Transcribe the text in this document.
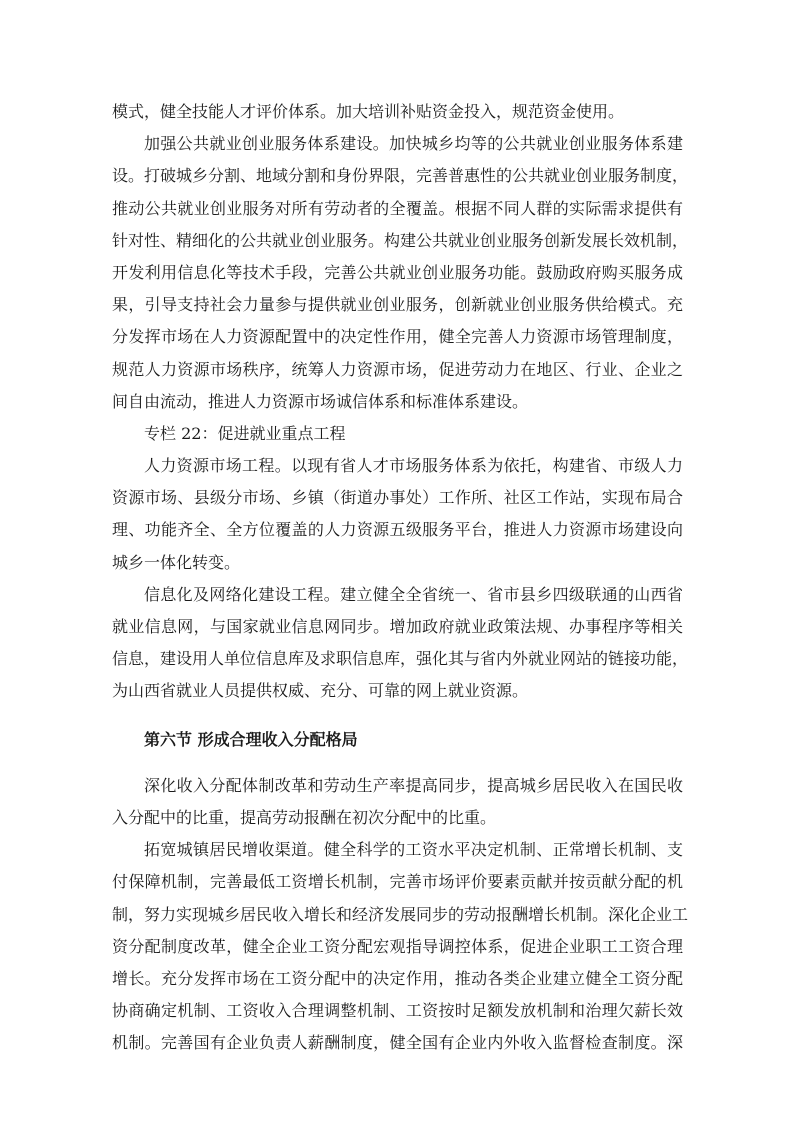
模式，健全技能人才评价体系。加大培训补贴资金投入，规范资金使用。
加强公共就业创业服务体系建设。加快城乡均等的公共就业创业服务体系建
设。打破城乡分割、地域分割和身份界限，完善普惠性的公共就业创业服务制度，
推动公共就业创业服务对所有劳动者的全覆盖。根据不同人群的实际需求提供有
针对性、精细化的公共就业创业服务。构建公共就业创业服务创新发展长效机制，
开发利用信息化等技术手段，完善公共就业创业服务功能。鼓励政府购买服务成
果，引导支持社会力量参与提供就业创业服务，创新就业创业服务供给模式。充
分发挥市场在人力资源配置中的决定性作用，健全完善人力资源市场管理制度，
规范人力资源市场秩序，统筹人力资源市场，促进劳动力在地区、行业、企业之
间自由流动，推进人力资源市场诚信体系和标准体系建设。
专栏 22：促进就业重点工程
人力资源市场工程。以现有省人才市场服务体系为依托，构建省、市级人力
资源市场、县级分市场、乡镇（街道办事处）工作所、社区工作站，实现布局合
理、功能齐全、全方位覆盖的人力资源五级服务平台，推进人力资源市场建设向
城乡一体化转变。
信息化及网络化建设工程。建立健全全省统一、省市县乡四级联通的山西省
就业信息网，与国家就业信息网同步。增加政府就业政策法规、办事程序等相关
信息，建设用人单位信息库及求职信息库，强化其与省内外就业网站的链接功能，
为山西省就业人员提供权威、充分、可靠的网上就业资源。
第六节 形成合理收入分配格局
深化收入分配体制改革和劳动生产率提高同步，提高城乡居民收入在国民收
入分配中的比重，提高劳动报酬在初次分配中的比重。
拓宽城镇居民增收渠道。健全科学的工资水平决定机制、正常增长机制、支
付保障机制，完善最低工资增长机制，完善市场评价要素贡献并按贡献分配的机
制，努力实现城乡居民收入增长和经济发展同步的劳动报酬增长机制。深化企业工
资分配制度改革，健全企业工资分配宏观指导调控体系，促进企业职工工资合理
增长。充分发挥市场在工资分配中的决定作用，推动各类企业建立健全工资分配
协商确定机制、工资收入合理调整机制、工资按时足额发放机制和治理欠薪长效
机制。完善国有企业负责人薪酬制度，健全国有企业内外收入监督检查制度。深
